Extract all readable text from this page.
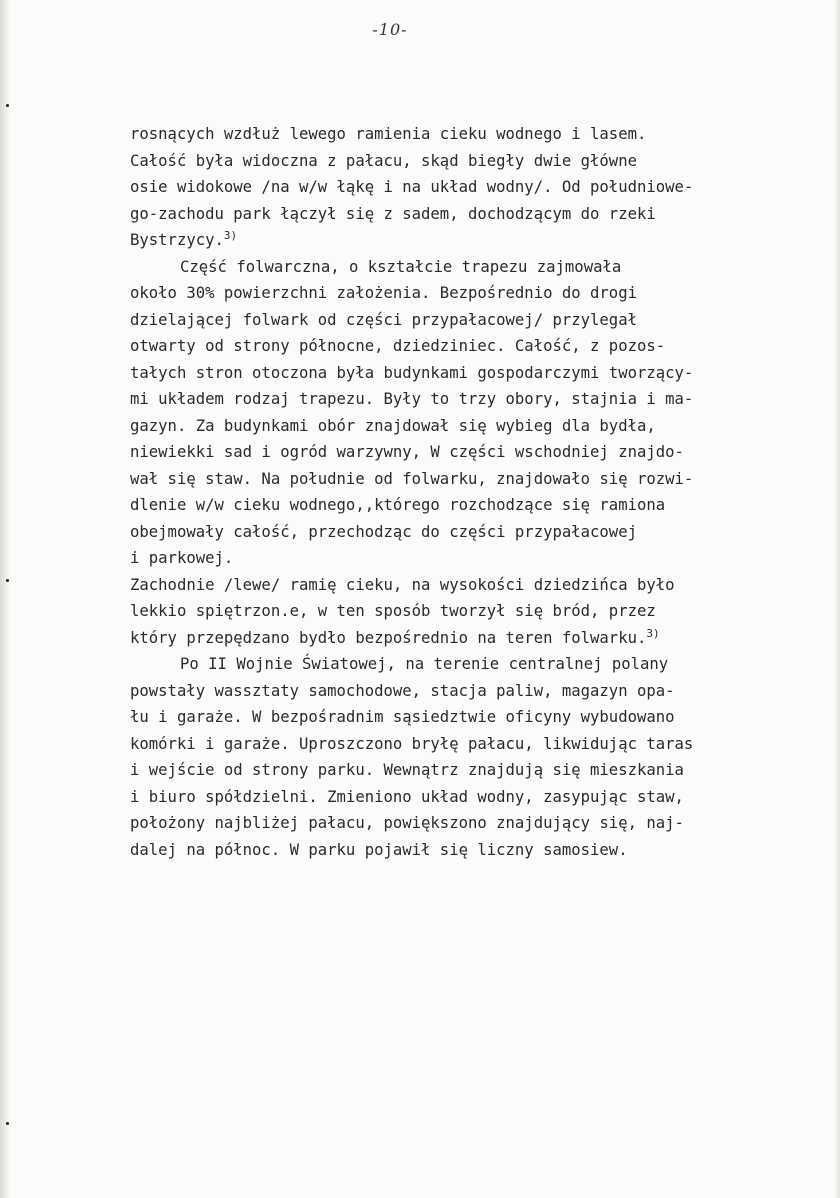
-10-
rosnących wzdłuż lewego ramienia cieku wodnego i lasem.
Całość była widoczna z pałacu, skąd biegły dwie główne
osie widokowe /na w/w łąkę i na układ wodny/. Od południowe-
go-zachodu park łączył się z sadem, dochodzącym do rzeki
Bystrzycy.$^{3)}$
Część folwarczna, o kształcie trapezu zajmowała
około 30% powierzchni założenia. Bezpośrednio do drogi
dzielającej folwark od części przypałacowej/ przylegał
otwarty od strony północne, dziedziniec. Całość, z pozos-
tałych stron otoczona była budynkami gospodarczymi tworzący-
mi układem rodzaj trapezu. Były to trzy obory, stajnia i ma-
gazyn. Za budynkami obór znajdował się wybieg dla bydła,
niewiekki sad i ogród warzywny, W części wschodniej znajdo-
wał się staw. Na południe od folwarku, znajdowało się rozwi-
dlenie w/w cieku wodnego,,którego rozchodzące się ramiona
obejmowały całość, przechodząc do części przypałacowej
i parkowej.
Zachodnie /lewe/ ramię cieku, na wysokości dziedzińca było
lekkio spiętrzon.e, w ten sposób tworzył się bród, przez
który przepędzano bydło bezpośrednio na teren folwarku.$^{3)}$
Po II Wojnie Światowej, na terenie centralnej polany
powstały wassztaty samochodowe, stacja paliw, magazyn opa-
łu i garaże. W bezpośradnim sąsiedztwie oficyny wybudowano
komórki i garaże. Uproszczono bryłę pałacu, likwidując taras
i wejście od strony parku. Wewnątrz znajdują się mieszkania
i biuro spółdzielni. Zmieniono układ wodny, zasypując staw,
położony najbliżej pałacu, powiększono znajdujący się, naj-
dalej na północ. W parku pojawił się liczny samosiew.
